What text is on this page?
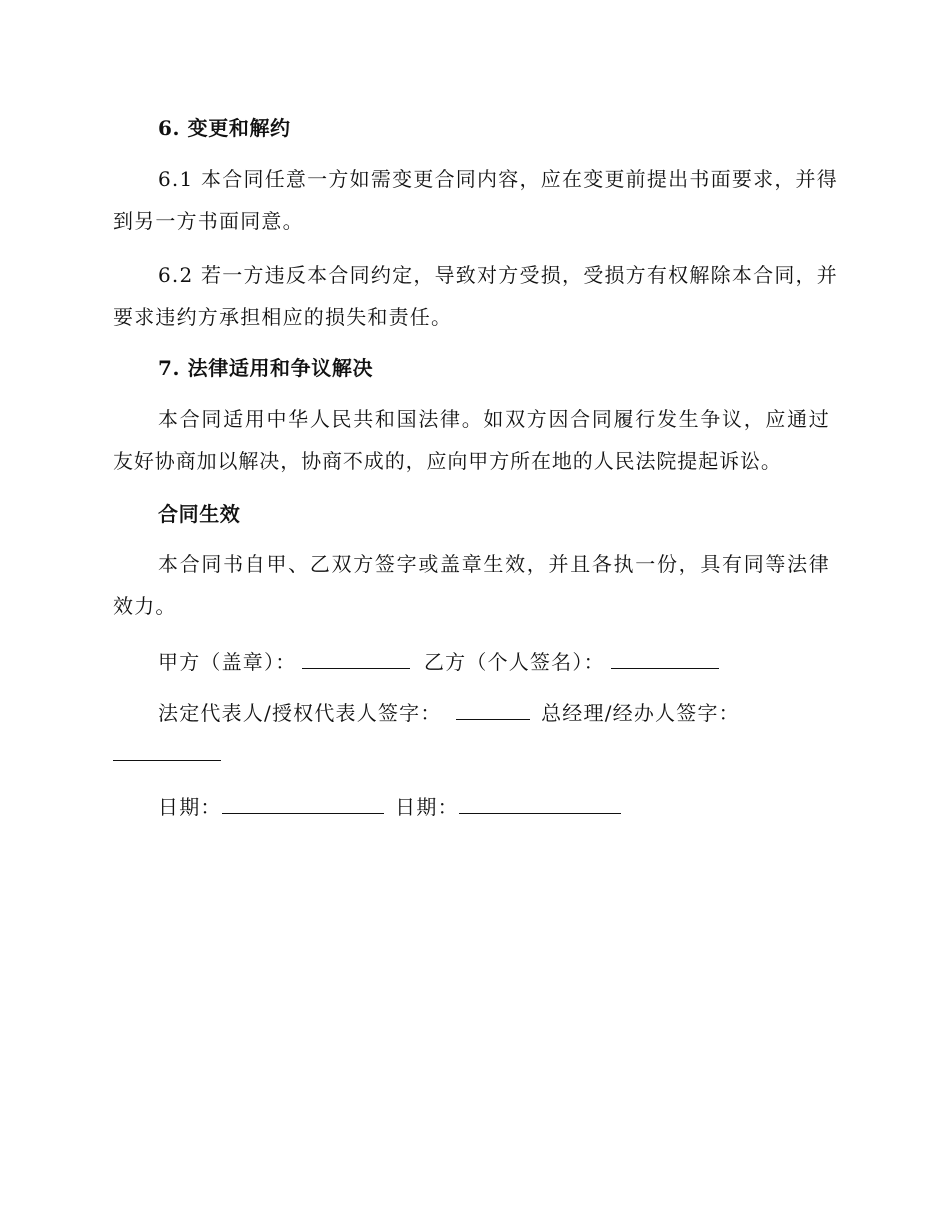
6. 变更和解约
6.1 本合同任意一方如需变更合同内容，应在变更前提出书面要求，并得
到另一方书面同意。
6.2 若一方违反本合同约定，导致对方受损，受损方有权解除本合同，并
要求违约方承担相应的损失和责任。
7. 法律适用和争议解决
本合同适用中华人民共和国法律。如双方因合同履行发生争议，应通过
友好协商加以解决，协商不成的，应向甲方所在地的人民法院提起诉讼。
合同生效
本合同书自甲、乙双方签字或盖章生效，并且各执一份，具有同等法律
效力。
甲方（盖章）：	乙方（个人签名）：
法定代表人/授权代表人签字：	总经理/经办人签字：
日期：	日期：
